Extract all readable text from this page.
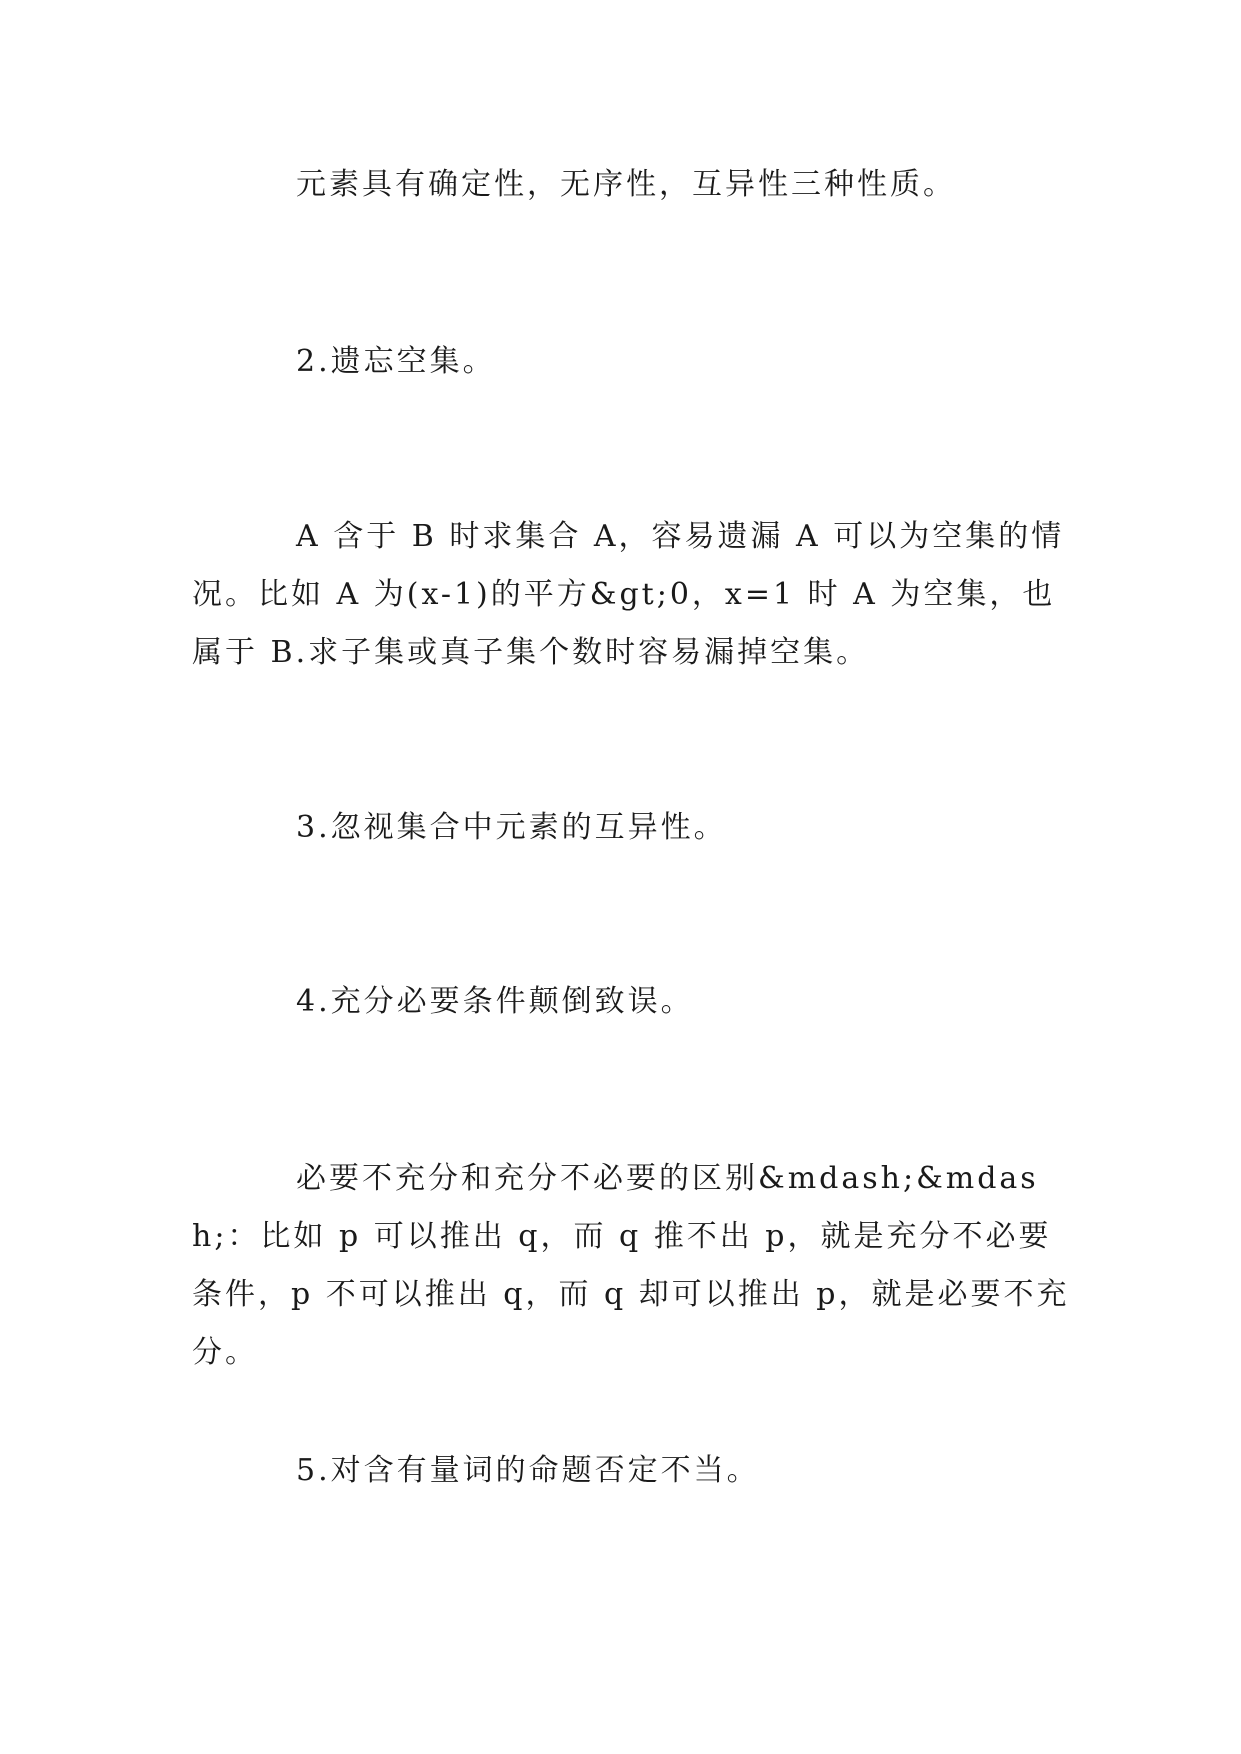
元素具有确定性，无序性，互异性三种性质。

2.遗忘空集。

A 含于 B 时求集合 A，容易遗漏 A 可以为空集的情况。比如 A 为(x-1)的平方&gt;0，x=1 时 A 为空集，也属于 B.求子集或真子集个数时容易漏掉空集。

3.忽视集合中元素的互异性。

4.充分必要条件颠倒致误。

必要不充分和充分不必要的区别&mdash;&mdash;：比如 p 可以推出 q，而 q 推不出 p，就是充分不必要条件，p 不可以推出 q，而 q 却可以推出 p，就是必要不充分。

5.对含有量词的命题否定不当。
